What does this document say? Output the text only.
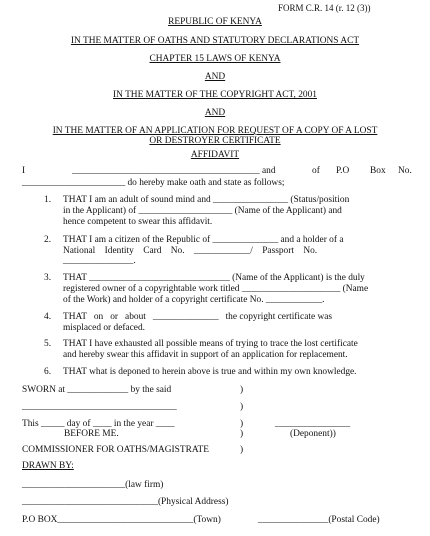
FORM C.R. 14 (r. 12 (3))
REPUBLIC OF KENYA
IN THE MATTER OF OATHS AND STATUTORY DECLARATIONS ACT
CHAPTER 15 LAWS OF KENYA
AND
IN THE MATTER OF THE COPYRIGHT ACT, 2001
AND
IN THE MATTER OF AN APPLICATION FOR REQUEST OF A COPY OF A LOST
OR DESTROYER CERTIFICATE
AFFIDAVIT
I	________________________________________ and	of P.O Box No.
______________________ do hereby make oath and state as follows;
1. THAT I am an adult of sound mind and ________________ (Status/position
in the Applicant) of ____________________ (Name of the Applicant) and
hence competent to swear this affidavit.
2. THAT I am a citizen of the Republic of ______________ and a holder of a
National    Identity    Card    No.    ____________/    Passport    No.
_______________.
3. THAT ______________________________ (Name of the Applicant) is the duly
registered owner of a copyrightable work titled _____________________ (Name
of the Work) and holder of a copyright certificate No. ____________.
4. THAT   on   or   about   ______________   the copyright certificate was
misplaced or defaced.
5. THAT I have exhausted all possible means of trying to trace the lost certificate
and hereby swear this affidavit in support of an application for replacement.
6. THAT what is deponed to herein above is true and within my own knowledge.
SWORN at _____________ by the said	)
_________________________________	)
This _____ day of ____ in the year ____	)	________________
BEFORE ME.	)	(Deponent))
COMMISSIONER FOR OATHS/MAGISTRATE	)
DRAWN BY:
______________________(law firm)
_____________________________(Physical Address)
P.O BOX_____________________________(Town)	_______________(Postal Code)
